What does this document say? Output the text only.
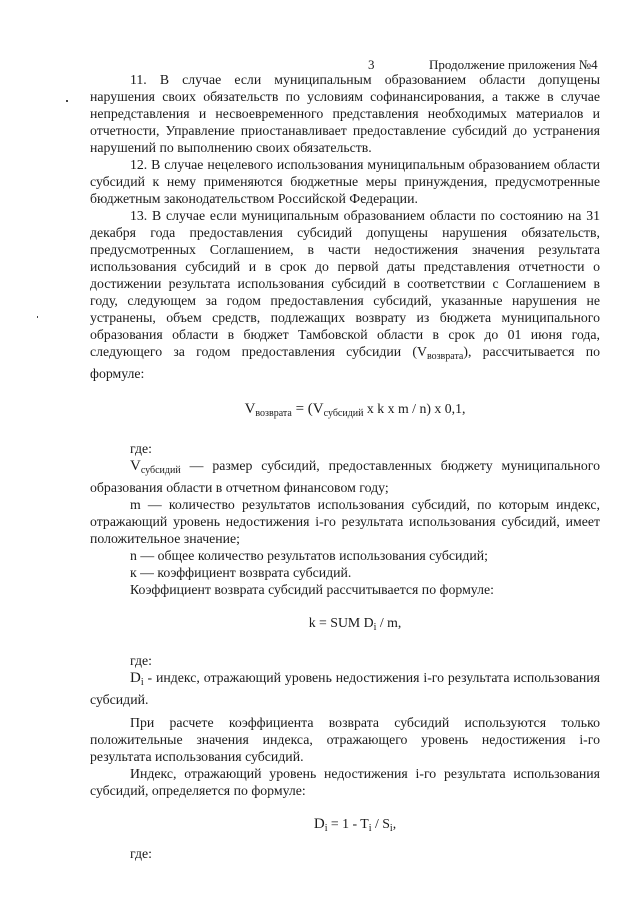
3	Продолжение приложения №4

11. В случае если муниципальным образованием области допущены нарушения своих обязательств по условиям софинансирования, а также в случае непредставления и несвоевременного представления необходимых материалов и отчетности, Управление приостанавливает предоставление субсидий до устранения нарушений по выполнению своих обязательств.

12. В случае нецелевого использования муниципальным образованием области субсидий к нему применяются бюджетные меры принуждения, предусмотренные бюджетным законодательством Российской Федерации.

13. В случае если муниципальным образованием области по состоянию на 31 декабря года предоставления субсидий допущены нарушения обязательств, предусмотренных Соглашением, в части недостижения значения результата использования субсидий и в срок до первой даты представления отчетности о достижении результата использования субсидий в соответствии с Соглашением в году, следующем за годом предоставления субсидий, указанные нарушения не устранены, объем средств, подлежащих возврату из бюджета муниципального образования области в бюджет Тамбовской области в срок до 01 июня года, следующего за годом предоставления субсидии $(V_{возврата})$, рассчитывается по формуле:

$V_{возврата} = (V_{субсидий}$ x k x m / n) x 0,1,

где:

$V_{субсидий}$ — размер субсидий, предоставленных бюджету муниципального образования области в отчетном финансовом году;

m — количество результатов использования субсидий, по которым индекс, отражающий уровень недостижения i-го результата использования субсидий, имеет положительное значение;

n — общее количество результатов использования субсидий;

к — коэффициент возврата субсидий.

Коэффициент возврата субсидий рассчитывается по формуле:

k = SUM $D_i$ / m,

где:

$D_i$ - индекс, отражающий уровень недостижения i-го результата использования субсидий.

При расчете коэффициента возврата субсидий используются только положительные значения индекса, отражающего уровень недостижения i-го результата использования субсидий.

Индекс, отражающий уровень недостижения i-го результата использования субсидий, определяется по формуле:

$D_i = 1 - T_i / S_i$,

где:
